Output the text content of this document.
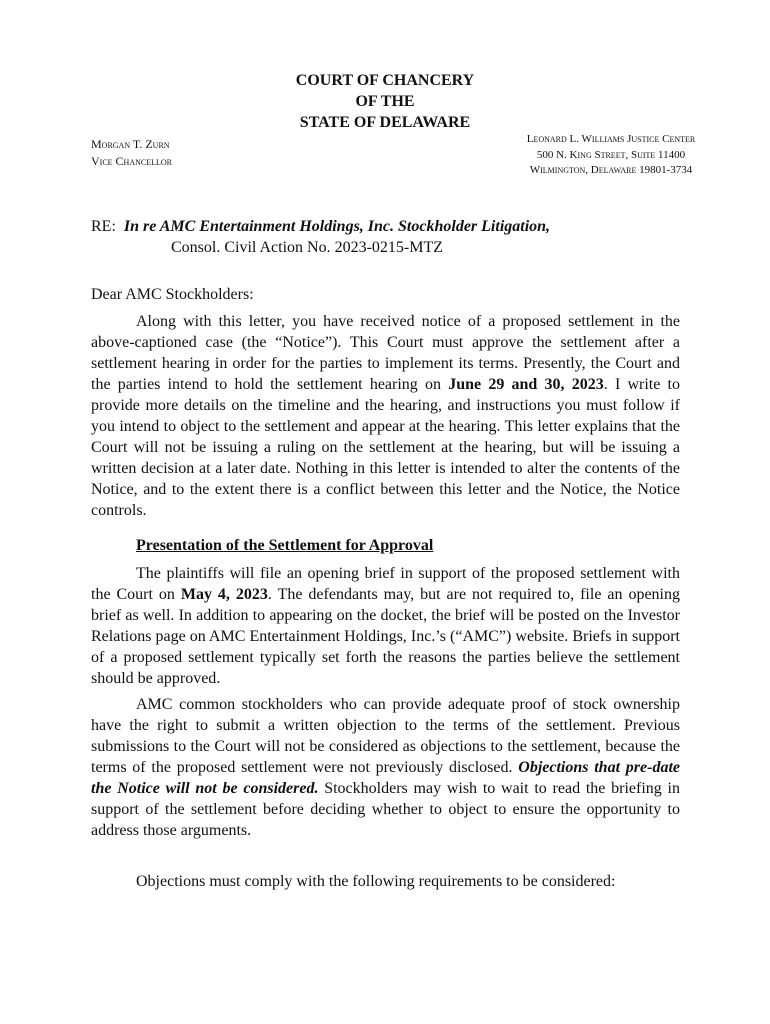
COURT OF CHANCERY
OF THE
STATE OF DELAWARE
Morgan T. Zurn
Vice Chancellor
Leonard L. Williams Justice Center
500 N. King Street, Suite 11400
Wilmington, Delaware 19801-3734
RE: In re AMC Entertainment Holdings, Inc. Stockholder Litigation,
Consol. Civil Action No. 2023-0215-MTZ
Dear AMC Stockholders:

Along with this letter, you have received notice of a proposed settlement in the above-captioned case (the “Notice”). This Court must approve the settlement after a settlement hearing in order for the parties to implement its terms. Presently, the Court and the parties intend to hold the settlement hearing on June 29 and 30, 2023. I write to provide more details on the timeline and the hearing, and instructions you must follow if you intend to object to the settlement and appear at the hearing. This letter explains that the Court will not be issuing a ruling on the settlement at the hearing, but will be issuing a written decision at a later date. Nothing in this letter is intended to alter the contents of the Notice, and to the extent there is a conflict between this letter and the Notice, the Notice controls.

Presentation of the Settlement for Approval

The plaintiffs will file an opening brief in support of the proposed settlement with the Court on May 4, 2023. The defendants may, but are not required to, file an opening brief as well. In addition to appearing on the docket, the brief will be posted on the Investor Relations page on AMC Entertainment Holdings, Inc.’s (“AMC”) website. Briefs in support of a proposed settlement typically set forth the reasons the parties believe the settlement should be approved.

AMC common stockholders who can provide adequate proof of stock ownership have the right to submit a written objection to the terms of the settlement. Previous submissions to the Court will not be considered as objections to the settlement, because the terms of the proposed settlement were not previously disclosed. Objections that pre-date the Notice will not be considered. Stockholders may wish to wait to read the briefing in support of the settlement before deciding whether to object to ensure the opportunity to address those arguments.

Objections must comply with the following requirements to be considered:
